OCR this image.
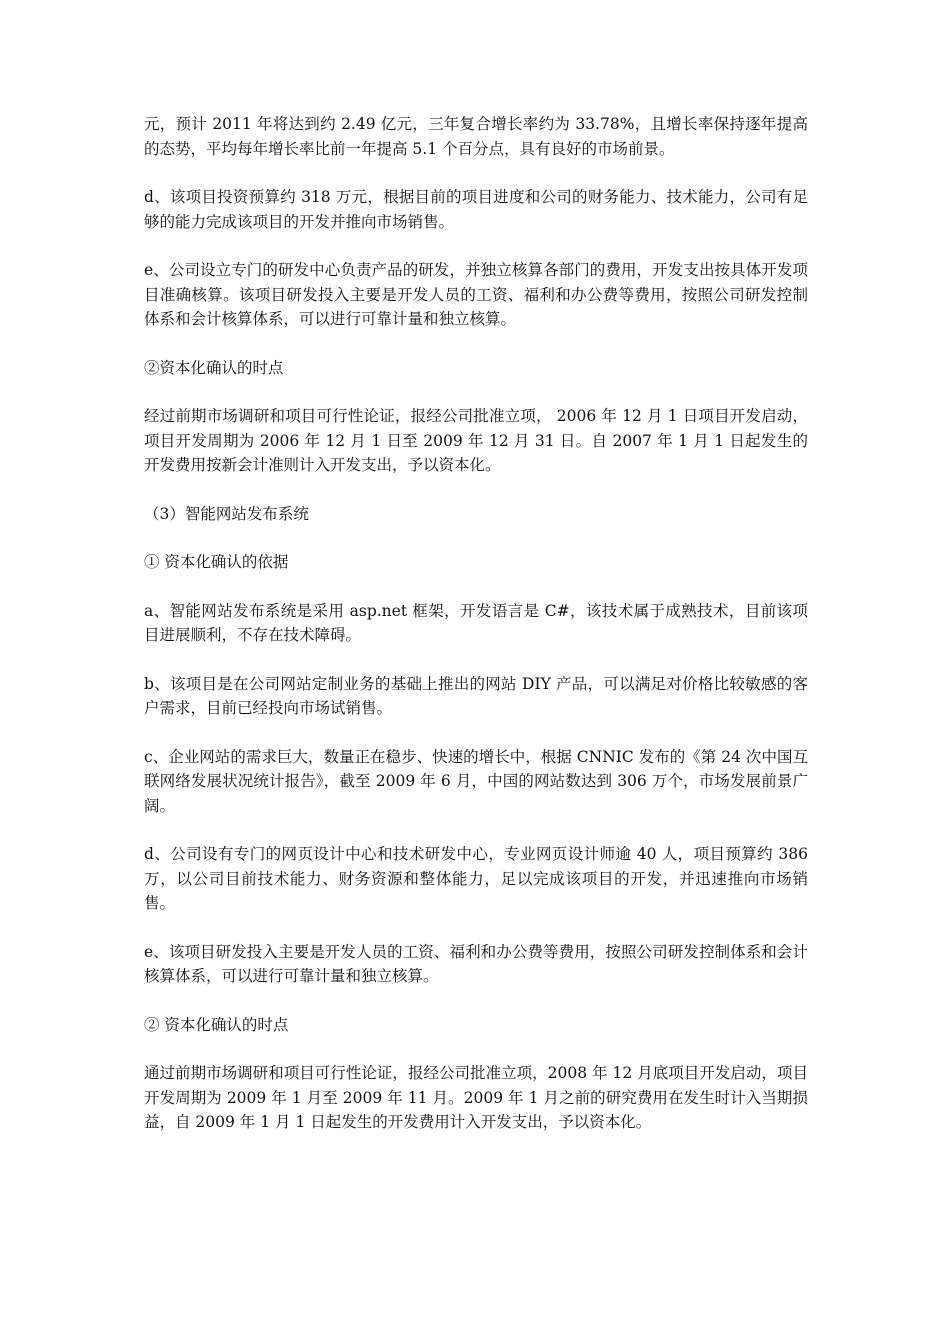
元，预计 2011 年将达到约 2.49 亿元，三年复合增长率约为 33.78%，且增长率保持逐年提高的态势，平均每年增长率比前一年提高 5.1 个百分点，具有良好的市场前景。

d、该项目投资预算约 318 万元，根据目前的项目进度和公司的财务能力、技术能力，公司有足够的能力完成该项目的开发并推向市场销售。

e、公司设立专门的研发中心负责产品的研发，并独立核算各部门的费用，开发支出按具体开发项目准确核算。该项目研发投入主要是开发人员的工资、福利和办公费等费用，按照公司研发控制体系和会计核算体系，可以进行可靠计量和独立核算。

②资本化确认的时点

经过前期市场调研和项目可行性论证，报经公司批准立项， 2006 年 12 月 1 日项目开发启动，项目开发周期为 2006 年 12 月 1 日至 2009 年 12 月 31 日。自 2007 年 1 月 1 日起发生的开发费用按新会计准则计入开发支出，予以资本化。

（3）智能网站发布系统

① 资本化确认的依据

a、智能网站发布系统是采用 asp.net 框架，开发语言是 C#，该技术属于成熟技术，目前该项目进展顺利，不存在技术障碍。

b、该项目是在公司网站定制业务的基础上推出的网站 DIY 产品，可以满足对价格比较敏感的客户需求，目前已经投向市场试销售。

c、企业网站的需求巨大，数量正在稳步、快速的增长中，根据 CNNIC 发布的《第 24 次中国互联网络发展状况统计报告》，截至 2009 年 6 月，中国的网站数达到 306 万个，市场发展前景广阔。

d、公司设有专门的网页设计中心和技术研发中心，专业网页设计师逾 40 人，项目预算约 386 万，以公司目前技术能力、财务资源和整体能力，足以完成该项目的开发，并迅速推向市场销售。

e、该项目研发投入主要是开发人员的工资、福利和办公费等费用，按照公司研发控制体系和会计核算体系，可以进行可靠计量和独立核算。

② 资本化确认的时点

通过前期市场调研和项目可行性论证，报经公司批准立项，2008 年 12 月底项目开发启动，项目开发周期为 2009 年 1 月至 2009 年 11 月。2009 年 1 月之前的研究费用在发生时计入当期损益，自 2009 年 1 月 1 日起发生的开发费用计入开发支出，予以资本化。
